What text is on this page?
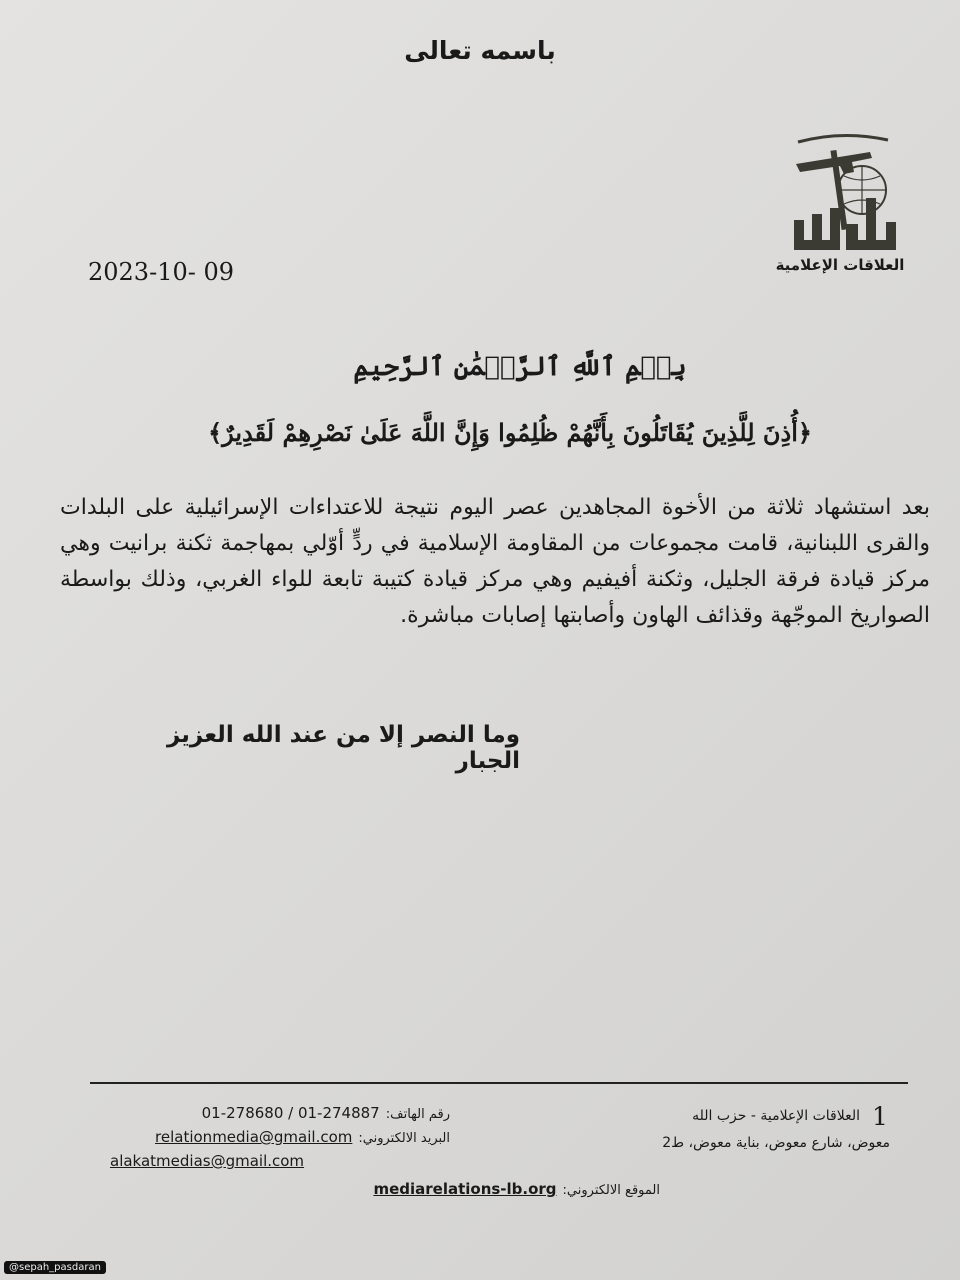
باسمه تعالى
العلاقات الإعلامية
2023-10- 09
بِسۡمِ ٱللَّهِ ٱلرَّحۡمَٰنِ ٱلرَّحِيمِ
﴿أُذِنَ لِلَّذِينَ يُقَاتَلُونَ بِأَنَّهُمْ ظُلِمُوا وَإِنَّ اللَّهَ عَلَىٰ نَصْرِهِمْ لَقَدِيرٌ﴾
بعد استشهاد ثلاثة من الأخوة المجاهدين عصر اليوم نتيجة للاعتداءات الإسرائيلية على البلدات والقرى اللبنانية، قامت مجموعات من المقاومة الإسلامية في ردٍّ أوّلي بمهاجمة ثكنة برانيت وهي مركز قيادة فرقة الجليل، وثكنة أفيفيم وهي مركز قيادة كتيبة تابعة للواء الغربي، وذلك بواسطة الصواريخ الموجّهة وقذائف الهاون وأصابتها إصابات مباشرة.
وما النصر إلا من عند الله العزيز الجبار
1
العلاقات الإعلامية - حزب الله
معوض، شارع معوض، بناية معوض، ط2
رقم الهاتف:
01-278680 / 01-274887
البريد الالكتروني:
relationmedia@gmail.com
alakatmedias@gmail.com
الموقع الالكتروني:
mediarelations-lb.org
@sepah_pasdaran
